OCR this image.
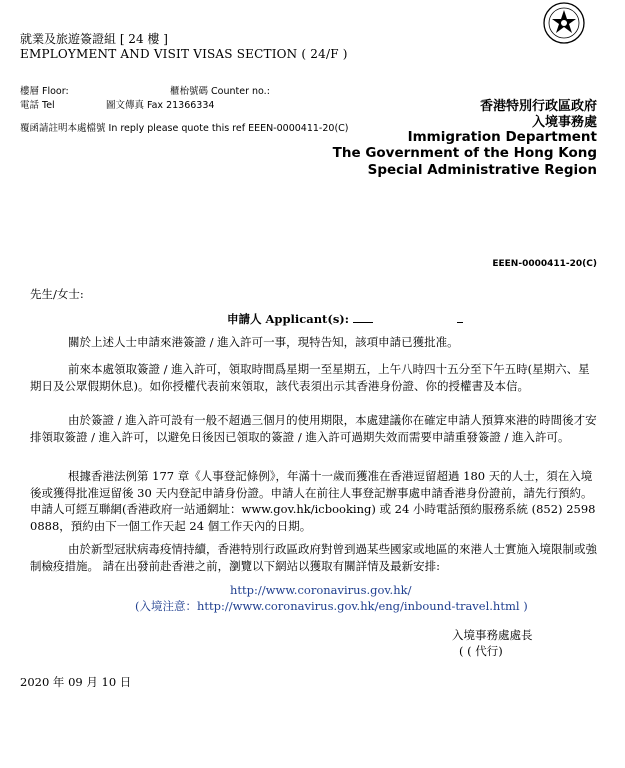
就業及旅遊簽證組 [ 24 樓 ]
EMPLOYMENT AND VISIT VISAS SECTION ( 24/F )
樓層 Floor:	櫃枱號碼 Counter no.:
電話 Tel	圖文傳真 Fax 21366334
覆函請註明本處檔號 In reply please quote this ref EEEN-0000411-20(C)
香港特別行政區政府
入境事務處
Immigration Department
The Government of the Hong Kong
Special Administrative Region
EEEN-0000411-20(C)
先生/女士:
申請人 Applicant(s):

關於上述人士申請來港簽證 / 進入許可一事，現特告知，該項申請已獲批准。

前來本處領取簽證 / 進入許可，領取時間爲星期一至星期五，上午八時四十五分至下午五時(星期六、星期日及公眾假期休息)。如你授權代表前來領取，該代表須出示其香港身份證、你的授權書及本信。

由於簽證 / 進入許可設有一般不超過三個月的使用期限，本處建議你在確定申請人預算來港的時間後才安排領取簽證 / 進入許可，以避免日後因已領取的簽證 / 進入許可過期失效而需要申請重發簽證 / 進入許可。

根據香港法例第 177 章《人事登記條例》，年滿十一歲而獲准在香港逗留超過 180 天的人士，須在入境後或獲得批准逗留後 30 天内登記申請身份證。申請人在前往人事登記辦事處申請香港身份證前，請先行預約。申請人可經互聯網(香港政府一站通網址：www.gov.hk/icbooking) 或 24 小時電話預約服務系統 (852) 2598 0888，預約由下一個工作天起 24 個工作天內的日期。

由於新型冠狀病毒疫情持續，香港特別行政區政府對曾到過某些國家或地區的來港人士實施入境限制或強制檢疫措施。 請在出發前赴香港之前，瀏覽以下網站以獲取有關詳情及最新安排:

http://www.coronavirus.gov.hk/
(入境注意：http://www.coronavirus.gov.hk/eng/inbound-travel.html )
入境事務處處長
( ( 代行)
2020 年 09 月 10 日
